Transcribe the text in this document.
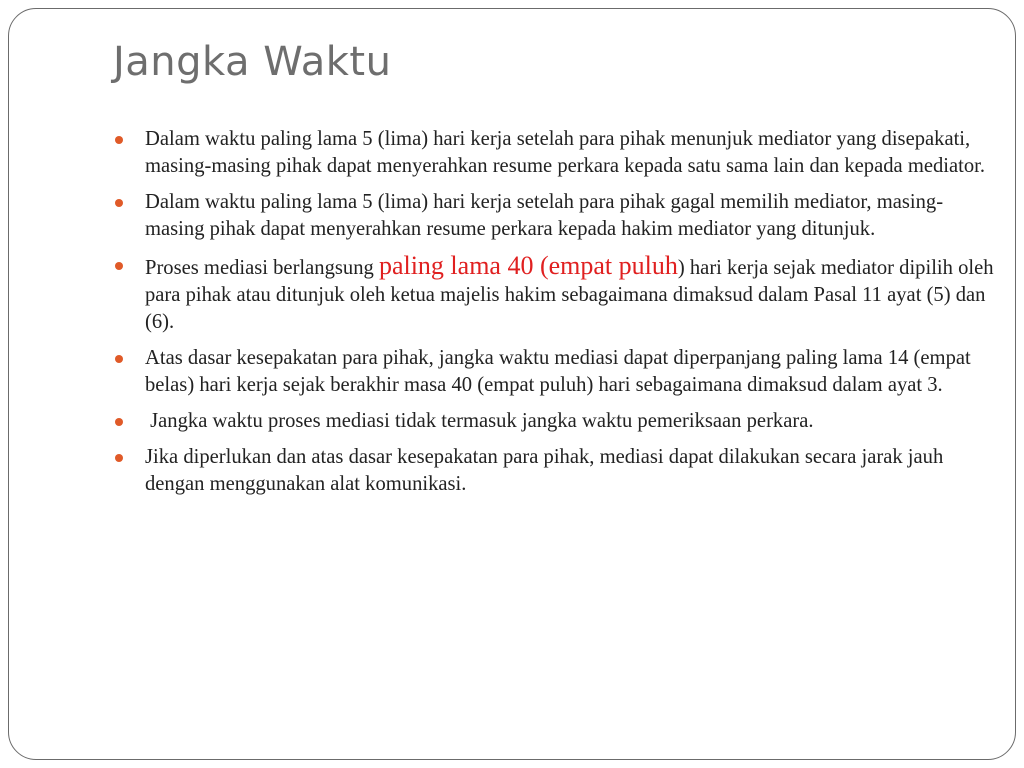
Jangka Waktu
Dalam waktu paling lama 5 (lima) hari kerja setelah para pihak menunjuk mediator yang disepakati, masing-masing pihak dapat menyerahkan resume perkara kepada satu sama lain dan kepada mediator.
Dalam waktu paling lama 5 (lima) hari kerja setelah para pihak gagal memilih mediator, masing-masing pihak dapat menyerahkan resume perkara kepada hakim mediator yang ditunjuk.
Proses mediasi berlangsung paling lama 40 (empat puluh) hari kerja sejak mediator dipilih oleh para pihak atau ditunjuk oleh ketua majelis hakim sebagaimana dimaksud dalam Pasal 11 ayat (5) dan (6).
Atas dasar kesepakatan para pihak, jangka waktu mediasi dapat diperpanjang paling lama 14 (empat belas) hari kerja sejak berakhir masa 40 (empat puluh) hari sebagaimana dimaksud dalam ayat 3.
Jangka waktu proses mediasi tidak termasuk jangka waktu pemeriksaan perkara.
Jika diperlukan dan atas dasar kesepakatan para pihak, mediasi dapat dilakukan secara jarak jauh dengan menggunakan alat komunikasi.
